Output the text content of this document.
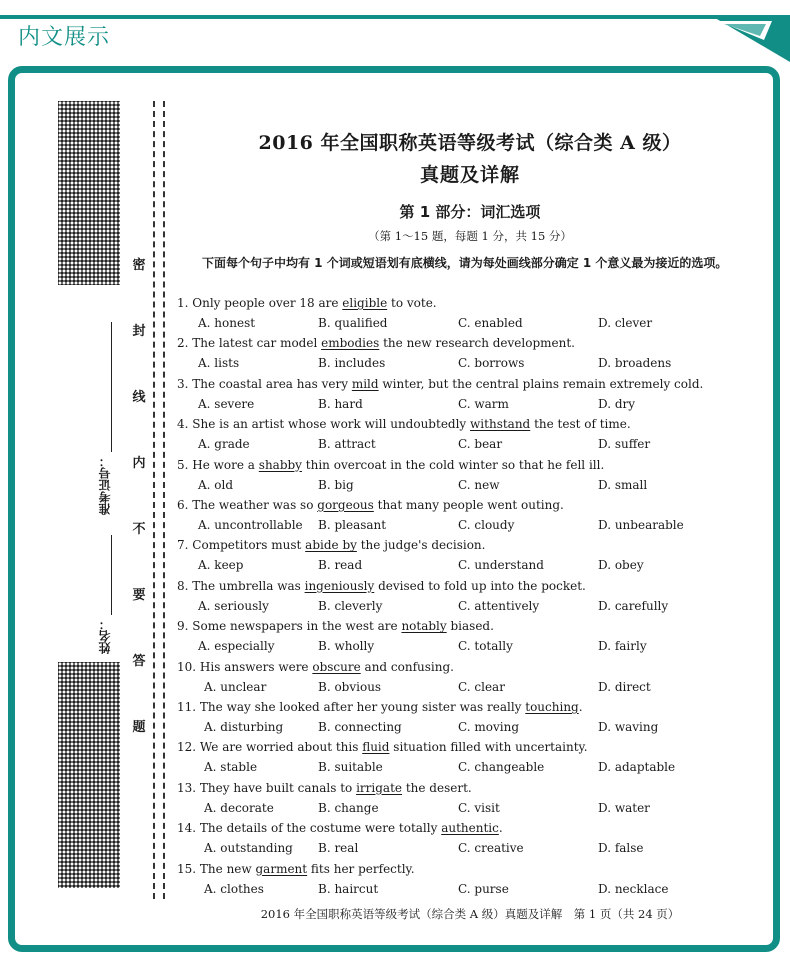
内文展示
密
封
线
内
不
要
答
题
准考证号：
姓名：
2016 年全国职称英语等级考试（综合类 A 级）
真题及详解
第 1 部分：词汇选项
（第 1～15 题，每题 1 分，共 15 分）
下面每个句子中均有 1 个词或短语划有底横线，请为每处画线部分确定 1 个意义最为接近的选项。
1. Only people over 18 are eligible to vote.
A. honest	B. qualified	C. enabled	D. clever
2. The latest car model embodies the new research development.
A. lists	B. includes	C. borrows	D. broadens
3. The coastal area has very mild winter, but the central plains remain extremely cold.
A. severe	B. hard	C. warm	D. dry
4. She is an artist whose work will undoubtedly withstand the test of time.
A. grade	B. attract	C. bear	D. suffer
5. He wore a shabby thin overcoat in the cold winter so that he fell ill.
A. old	B. big	C. new	D. small
6. The weather was so gorgeous that many people went outing.
A. uncontrollable B. pleasant	C. cloudy	D. unbearable
7. Competitors must abide by the judge's decision.
A. keep	B. read	C. understand	D. obey
8. The umbrella was ingeniously devised to fold up into the pocket.
A. seriously	B. cleverly	C. attentively	D. carefully
9. Some newspapers in the west are notably biased.
A. especially	B. wholly	C. totally	D. fairly
10. His answers were obscure and confusing.
A. unclear	B. obvious	C. clear	D. direct
11. The way she looked after her young sister was really touching.
A. disturbing	B. connecting	C. moving	D. waving
12. We are worried about this fluid situation filled with uncertainty.
A. stable	B. suitable	C. changeable	D. adaptable
13. They have built canals to irrigate the desert.
A. decorate	B. change	C. visit	D. water
14. The details of the costume were totally authentic.
A. outstanding B. real	C. creative	D. false
15. The new garment fits her perfectly.
A. clothes	B. haircut	C. purse	D. necklace
2016 年全国职称英语等级考试（综合类 A 级）真题及详解　第 1 页（共 24 页）
